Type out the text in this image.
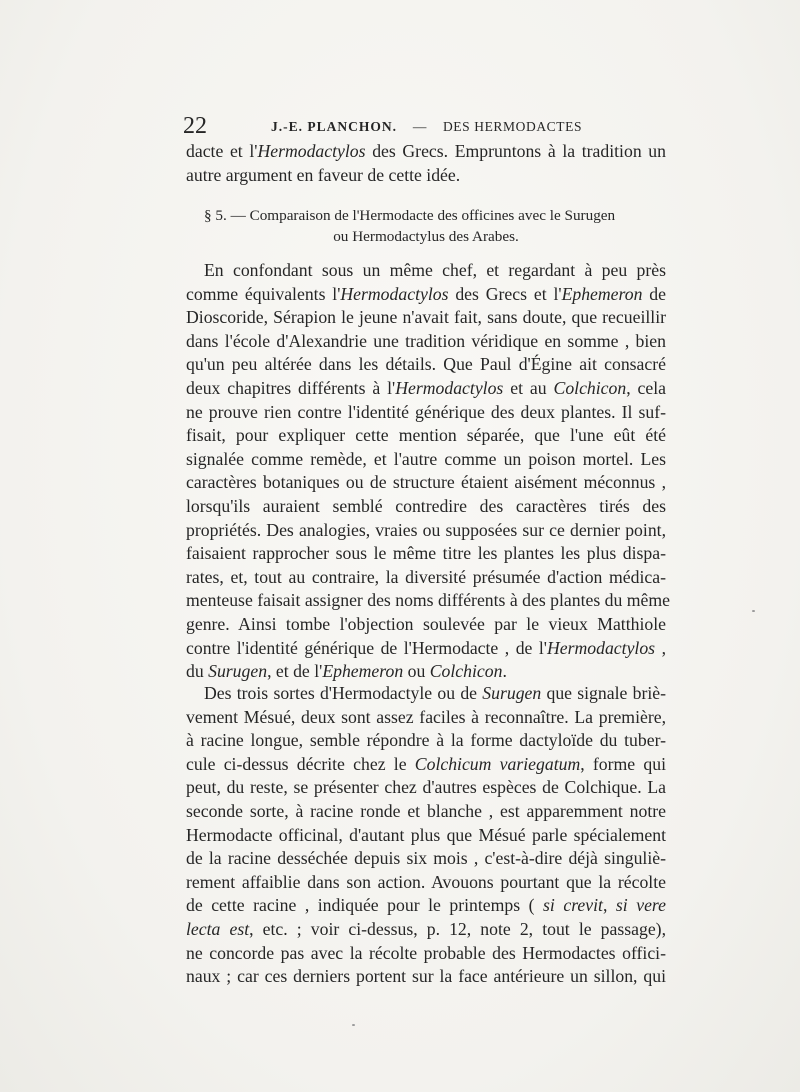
22	J.-E. PLANCHON. — DES HERMODACTES
dacte et l'Hermodactylos des Grecs. Empruntons à la tradition un
autre argument en faveur de cette idée.
§ 5. — Comparaison de l'Hermodacte des officines avec le Surugen
ou Hermodactylus des Arabes.
En confondant sous un même chef, et regardant à peu près
comme équivalents l'Hermodactylos des Grecs et l'Ephemeron de
Dioscoride, Sérapion le jeune n'avait fait, sans doute, que recueillir
dans l'école d'Alexandrie une tradition véridique en somme , bien
qu'un peu altérée dans les détails. Que Paul d'Égine ait consacré
deux chapitres différents à l'Hermodactylos et au Colchicon, cela
ne prouve rien contre l'identité générique des deux plantes. Il suf-
fisait, pour expliquer cette mention séparée, que l'une eût été
signalée comme remède, et l'autre comme un poison mortel. Les
caractères botaniques ou de structure étaient aisément méconnus ,
lorsqu'ils auraient semblé contredire des caractères tirés des
propriétés. Des analogies, vraies ou supposées sur ce dernier point,
faisaient rapprocher sous le même titre les plantes les plus dispa-
rates, et, tout au contraire, la diversité présumée d'action médica-
menteuse faisait assigner des noms différents à des plantes du même
genre. Ainsi tombe l'objection soulevée par le vieux Matthiole
contre l'identité générique de l'Hermodacte , de l'Hermodactylos ,
du Surugen, et de l'Ephemeron ou Colchicon.
Des trois sortes d'Hermodactyle ou de Surugen que signale briè-
vement Mésué, deux sont assez faciles à reconnaître. La première,
à racine longue, semble répondre à la forme dactyloïde du tuber-
cule ci-dessus décrite chez le Colchicum variegatum, forme qui
peut, du reste, se présenter chez d'autres espèces de Colchique. La
seconde sorte, à racine ronde et blanche , est apparemment notre
Hermodacte officinal, d'autant plus que Mésué parle spécialement
de la racine desséchée depuis six mois , c'est-à-dire déjà singuliè-
rement affaiblie dans son action. Avouons pourtant que la récolte
de cette racine , indiquée pour le printemps ( si crevit, si vere
lecta est, etc. ; voir ci-dessus, p. 12, note 2, tout le passage),
ne concorde pas avec la récolte probable des Hermodactes offici-
naux ; car ces derniers portent sur la face antérieure un sillon, qui
